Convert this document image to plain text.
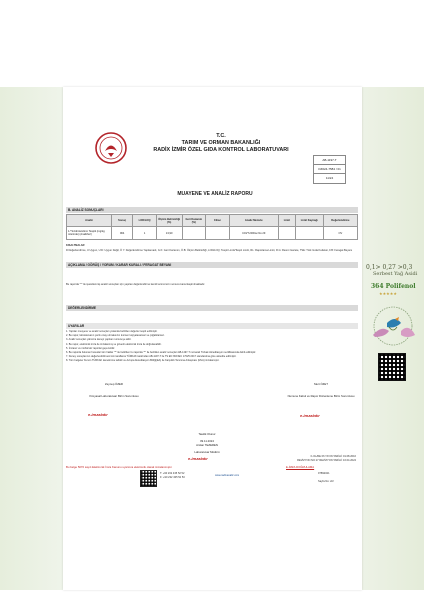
T.C.
TARIM VE ORMAN BAKANLIĞI
RADİX İZMİR ÖZEL GIDA KONTROL LABORATUVARI
AB-1197-T
OZ024-7584 / 01
11/24
MUAYENE VE ANALİZ RAPORU
B. ANALİZ SONUÇLARI
Analiz	Sonuç	LOD/LOQ	Ölçüm Belirsizliği (%)	Geri Kazanım (%)	Cihaz	Analiz Metodu	Limit	Limit Kaynağı	Değerlendirme
1-*Sızdırılandırıcı Tespiti (mg/kg üzerinde) (Analizleri)	964	1	13,90			COI/T.20/Doc.No 29			OV
KISALTMALAR
D:Değerlendirme, U:Uygun, U:D: Uygun Değil, Ö Y: Değerlendirme Yapılamadı, G.K: Geri Kazanım, Ö.B: Ölçüm Belirsizliği, LOD/LOQ: Tespit Limiti/Tespit Limiti, RL: Raporlama Limiti, R.G: Resmi Gazete, TSE: Türk Gıda Kodeksi, F.B: Feragat Beyanı
AÇIKLAMA / GÖRÜŞ / YORUM / KARAR KURALI / FERAGAT BEYANI
Bu raporda "*" ile işaretlenmiş analiz sonuçları için yapılan değerlendirme kendi tarımımızın sonucu kanunlaştırılmaktadır.
DEĞERLENDİRME
UYARILAR
1. Yapılan muayene ve analiz sonuçları yukarıda belirtilen değerler tespit edilmiştir.
2. Bu rapor, laboratuvarın yazılı onayı olmaksızın kısmen kopyalanamaz ve çoğaltılamaz.
3. Analiz sonuçları yalnızca deneyi yapılan numuneye aittir.
4. Bu rapor, elektronik imza ile imzalanmış ve güvenli elektronik imza ile doğrulanabilir.
5. İmzasız ve mühürsüz raporlar geçersizdir.
6. Bu raporda bulunan hususlar tüm haklar "*" ile belirtilen bu raporda "*" ile belirtilen analiz sonuçları AB-1197-T numaralı Türkak Akreditasyon sertifikasında dahil edilmiştir.
7. Deney sonuçlarının değerlendirilmesi tüm taraflarca TÜRKAK tarafından AB-1197-T ile TS EN ISO/IEC 17025:2017 standardına göre akredite edilmiştir.
8. Tüm belgeler Kurum TÜRKAK denetimine tabidir ve Avrupa Akreditasyon Birliği(EA) ile Karşılıklı Tanınma Anlaşması (MLA) imzalamıştır.
Zeynep ÖZER
Kimyasal Laboratuvarı Birim Sorumlusu
e-imzalıdır
Mert ÖZET
Numune Kabul ve Rapor Düzenleme Birim Sorumlusu
e-imzalıdır
Tasdik Olunur
09.11.2024
Arslan TEZEREN
Laboratuvar Müdürü
e-imzalıdır	F-OL/RE 06 YAYIN TARİHİ: 01.08.2016
REVİZYON NO:17 REVİZYON TARİHİ: 16.04.2024
Bu belge 5070 sayılı Elektronik İmza Kanunu uyarınca elektronik olarak imzalanmıştır.	E-İMZA DOĞRULAMA
T: +90 232 435 52 52
F: +90 232 435 52 53
www.radixanaliz.com
97892021
Sayfa No: 2/2
0,1> 0,27 >0,3
Serbest Yağ Asidi
364 Polifenol
★★★★★
